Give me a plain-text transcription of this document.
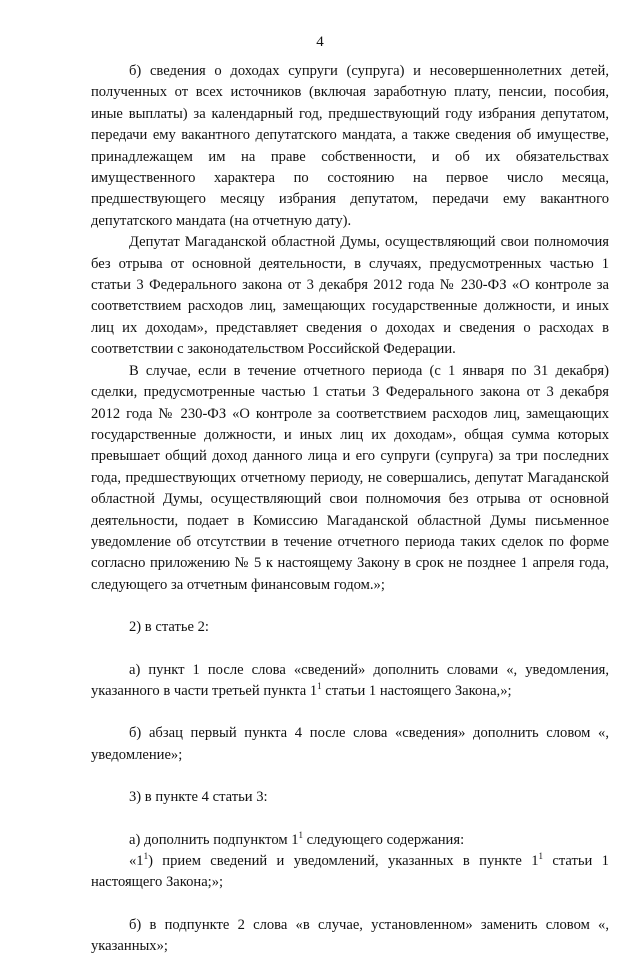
4

б) сведения о доходах супруги (супруга) и несовершеннолетних детей, полученных от всех источников (включая заработную плату, пенсии, пособия, иные выплаты) за календарный год, предшествующий году избрания депутатом, передачи ему вакантного депутатского мандата, а также сведения об имуществе, принадлежащем им на праве собственности, и об их обязательствах имущественного характера по состоянию на первое число месяца, предшествующего месяцу избрания депутатом, передачи ему вакантного депутатского мандата (на отчетную дату).

Депутат Магаданской областной Думы, осуществляющий свои полномочия без отрыва от основной деятельности, в случаях, предусмотренных частью 1 статьи 3 Федерального закона от 3 декабря 2012 года № 230-ФЗ «О контроле за соответствием расходов лиц, замещающих государственные должности, и иных лиц их доходам», представляет сведения о доходах и сведения о расходах в соответствии с законодательством Российской Федерации.

В случае, если в течение отчетного периода (с 1 января по 31 декабря) сделки, предусмотренные частью 1 статьи 3 Федерального закона от 3 декабря 2012 года № 230-ФЗ «О контроле за соответствием расходов лиц, замещающих государственные должности, и иных лиц их доходам», общая сумма которых превышает общий доход данного лица и его супруги (супруга) за три последних года, предшествующих отчетному периоду, не совершались, депутат Магаданской областной Думы, осуществляющий свои полномочия без отрыва от основной деятельности, подает в Комиссию Магаданской областной Думы письменное уведомление об отсутствии в течение отчетного периода таких сделок по форме согласно приложению № 5 к настоящему Закону в срок не позднее 1 апреля года, следующего за отчетным финансовым годом.»;

2) в статье 2:

а) пункт 1 после слова «сведений» дополнить словами «, уведомления, указанного в части третьей пункта $1^1$ статьи 1 настоящего Закона,»;

б) абзац первый пункта 4 после слова «сведения» дополнить словом «, уведомление»;

3) в пункте 4 статьи 3:

а) дополнить подпунктом $1^1$ следующего содержания:

«$1^1$) прием сведений и уведомлений, указанных в пункте $1^1$ статьи 1 настоящего Закона;»;

б) в подпункте 2 слова «в случае, установленном» заменить словом «, указанных»;
